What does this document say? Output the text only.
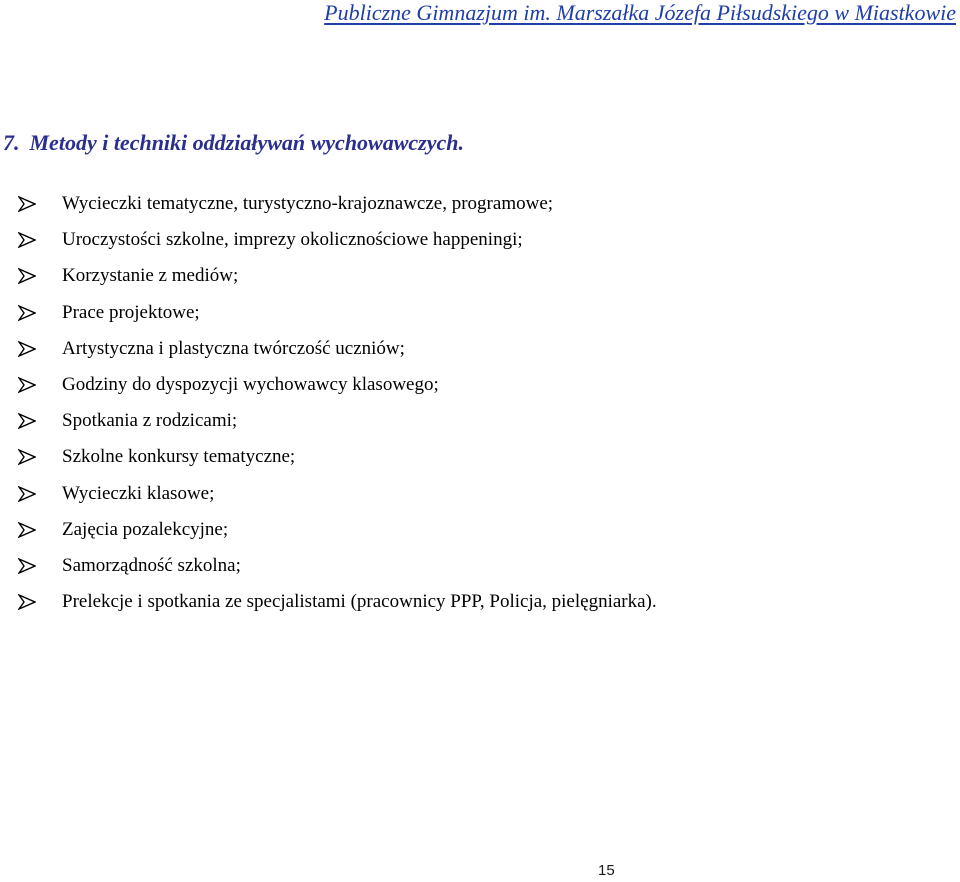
Publiczne Gimnazjum im. Marszałka Józefa Piłsudskiego w Miastkowie
7. Metody i techniki oddziaływań wychowawczych.
Wycieczki tematyczne, turystyczno-krajoznawcze, programowe;
Uroczystości szkolne, imprezy okolicznościowe happeningi;
Korzystanie z mediów;
Prace projektowe;
Artystyczna i plastyczna twórczość uczniów;
Godziny do dyspozycji wychowawcy klasowego;
Spotkania z rodzicami;
Szkolne konkursy tematyczne;
Wycieczki klasowe;
Zajęcia pozalekcyjne;
Samorządność szkolna;
Prelekcje i spotkania ze specjalistami (pracownicy PPP, Policja, pielęgniarka).
15
